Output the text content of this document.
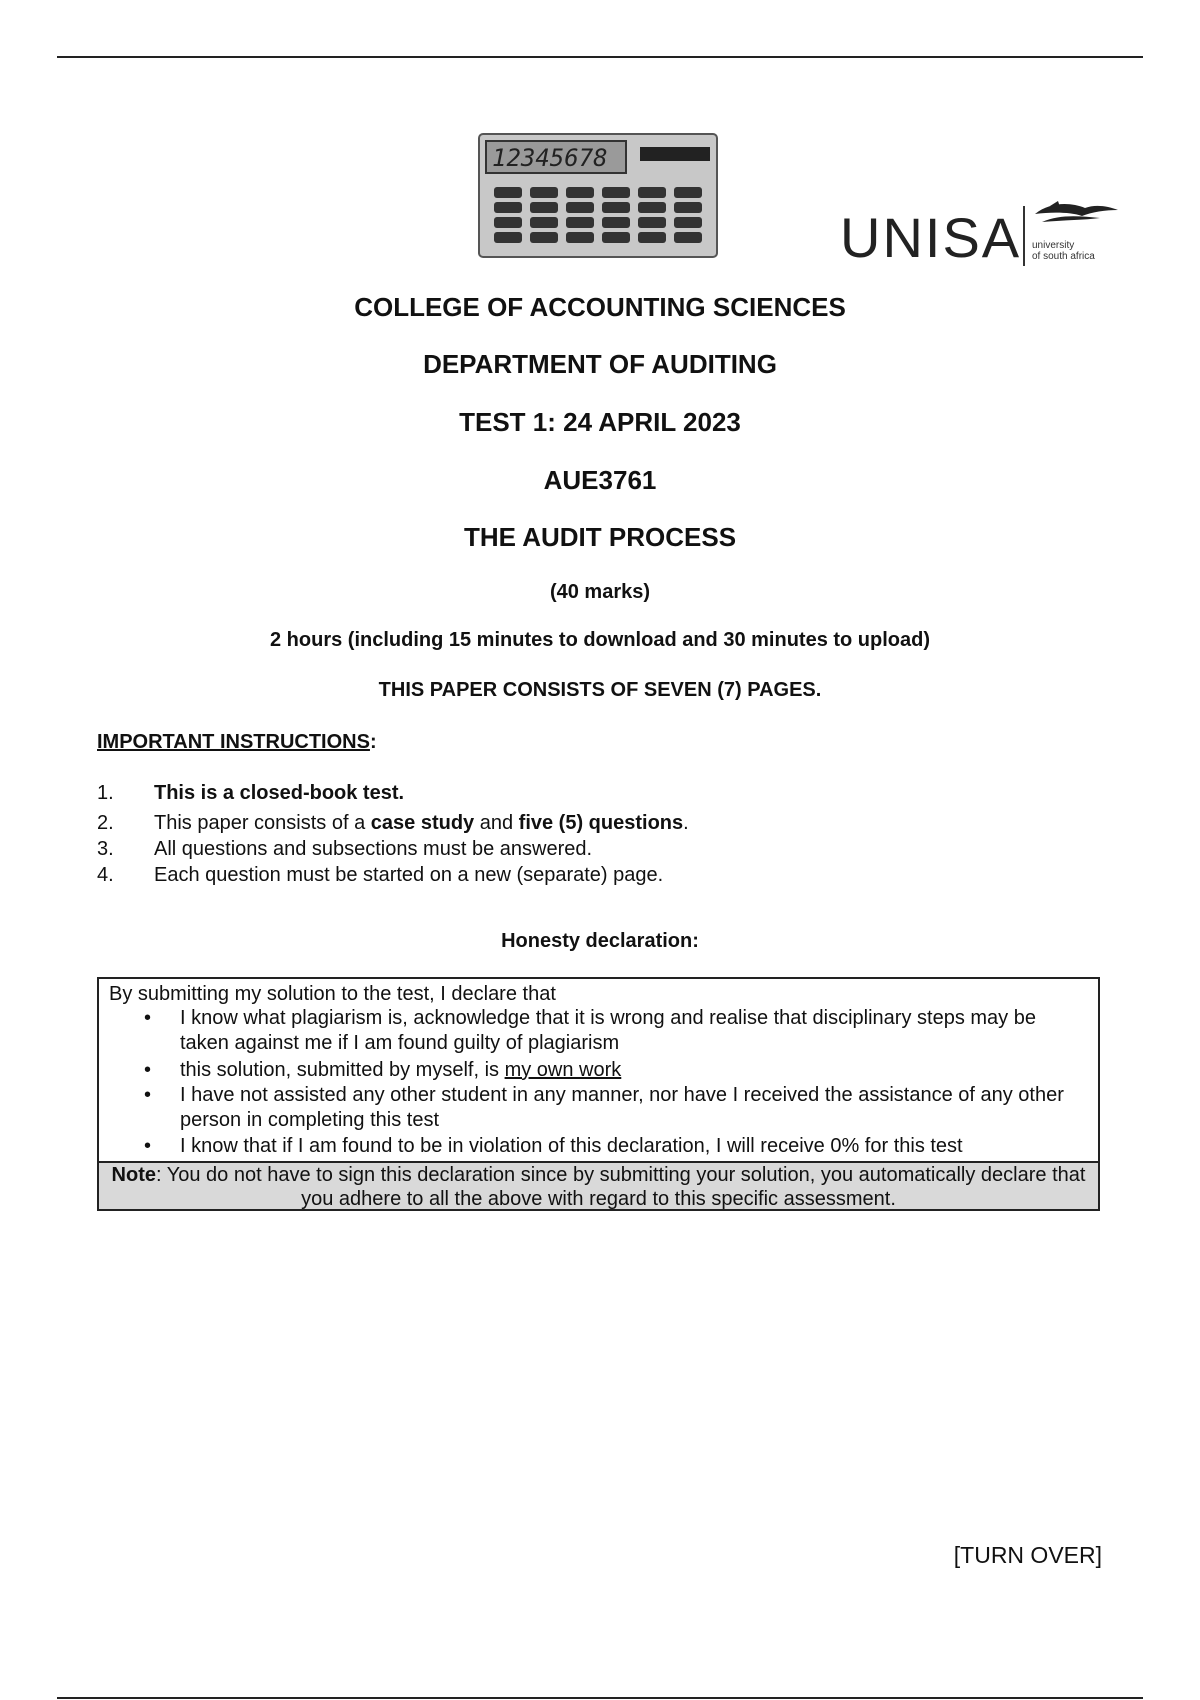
12345678
UNISA university
of south africa
COLLEGE OF ACCOUNTING SCIENCES
DEPARTMENT OF AUDITING
TEST 1: 24 APRIL 2023
AUE3761
THE AUDIT PROCESS
(40 marks)
2 hours (including 15 minutes to download and 30 minutes to upload)
THIS PAPER CONSISTS OF SEVEN (7) PAGES.
IMPORTANT INSTRUCTIONS:
1. This is a closed-book test.
2. This paper consists of a case study and five (5) questions.
3. All questions and subsections must be answered.
4. Each question must be started on a new (separate) page.
Honesty declaration:
By submitting my solution to the test, I declare that
• I know what plagiarism is, acknowledge that it is wrong and realise that disciplinary steps may be taken against me if I am found guilty of plagiarism
• this solution, submitted by myself, is my own work
• I have not assisted any other student in any manner, nor have I received the assistance of any other person in completing this test
• I know that if I am found to be in violation of this declaration, I will receive 0% for this test
Note: You do not have to sign this declaration since by submitting your solution, you automatically declare that you adhere to all the above with regard to this specific assessment.
[TURN OVER]
